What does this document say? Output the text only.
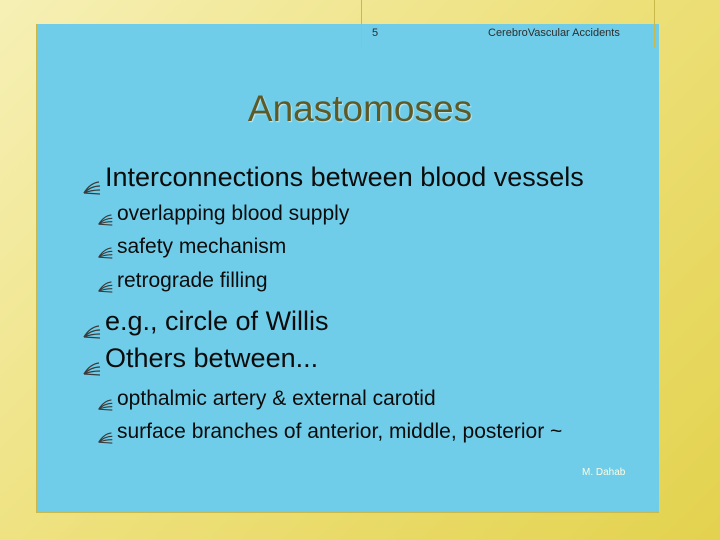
5	CerebroVascular Accidents
Anastomoses
Interconnections between blood vessels
overlapping blood supply
safety mechanism
retrograde filling
e.g., circle of Willis
Others between...
opthalmic artery & external carotid
surface branches of anterior, middle, posterior ~
M. Dahab
